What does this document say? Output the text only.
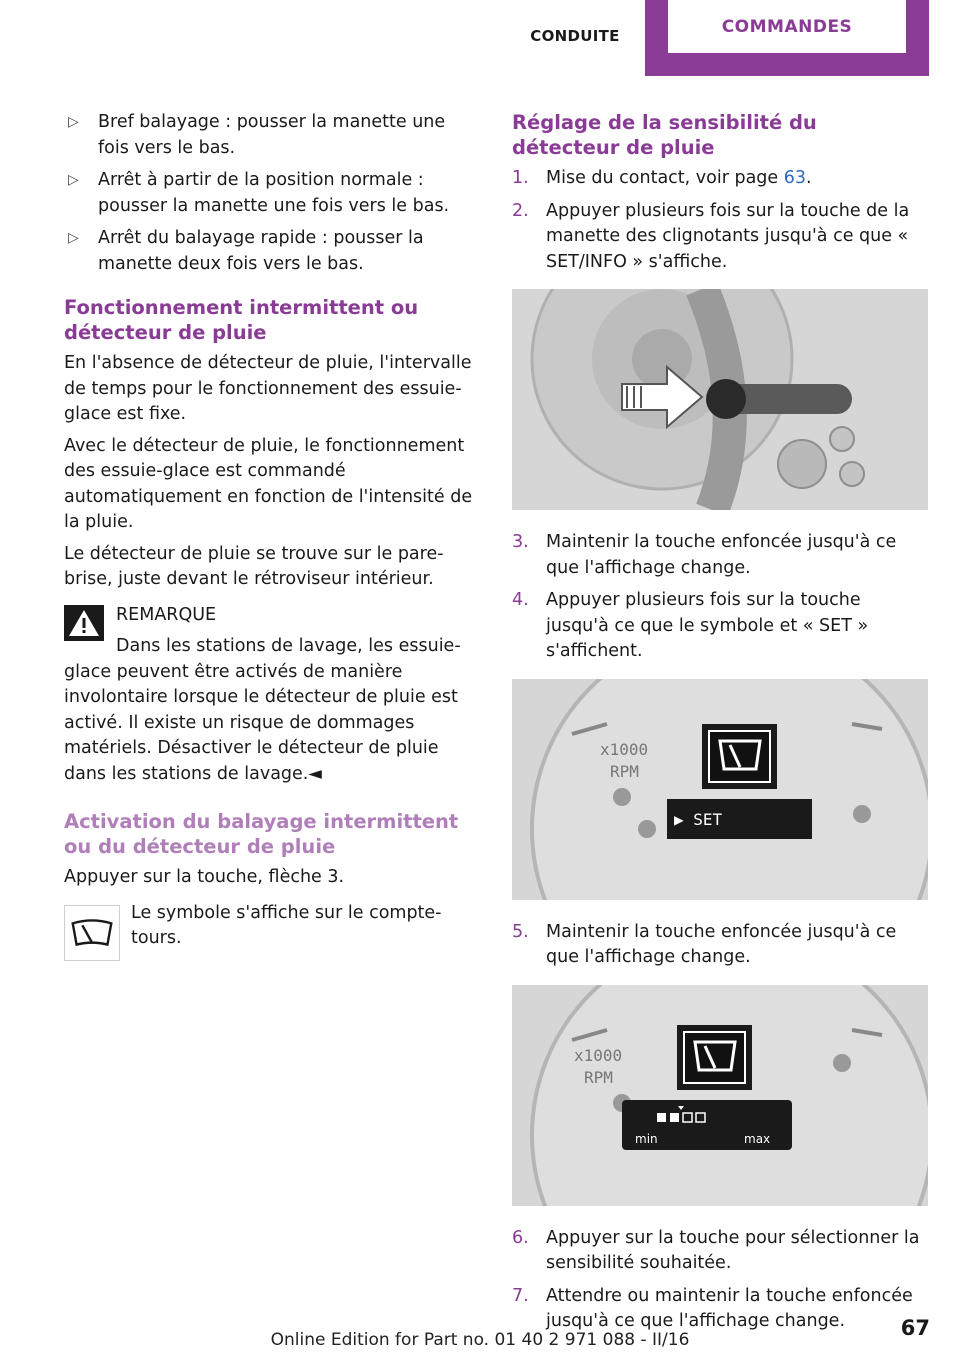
CONDUITE	COMMANDES
▷ Bref balayage : pousser la manette une fois vers le bas.
▷ Arrêt à partir de la position normale : pousser la manette une fois vers le bas.
▷ Arrêt du balayage rapide : pousser la manette deux fois vers le bas.
Fonctionnement intermittent ou détecteur de pluie

En l'absence de détecteur de pluie, l'intervalle de temps pour le fonctionnement des essuie-glace est fixe.

Avec le détecteur de pluie, le fonctionnement des essuie-glace est commandé automatiquement en fonction de l'intensité de la pluie.

Le détecteur de pluie se trouve sur le pare-brise, juste devant le rétroviseur intérieur.

REMARQUE

Dans les stations de lavage, les essuie-

glace peuvent être activés de manière involontaire lorsque le détecteur de pluie est activé. Il existe un risque de dommages matériels. Désactiver le détecteur de pluie dans les stations de lavage.◄

Activation du balayage intermittent ou du détecteur de pluie

Appuyer sur la touche, flèche 3.

Le symbole s'affiche sur le compte-tours.

Réglage de la sensibilité du détecteur de pluie
1. Mise du contact, voir page 63.
2. Appuyer plusieurs fois sur la touche de la manette des clignotants jusqu'à ce que « SET/INFO » s'affiche.
3. Maintenir la touche enfoncée jusqu'à ce que l'affichage change.
4. Appuyer plusieurs fois sur la touche jusqu'à ce que le symbole et « SET » s'affichent.
x1000
RPM
▶ SET
5. Maintenir la touche enfoncée jusqu'à ce que l'affichage change.
x1000
RPM
min	max
6. Appuyer sur la touche pour sélectionner la sensibilité souhaitée.
7. Attendre ou maintenir la touche enfoncée jusqu'à ce que l'affichage change.	67
Online Edition for Part no. 01 40 2 971 088 - II/16
